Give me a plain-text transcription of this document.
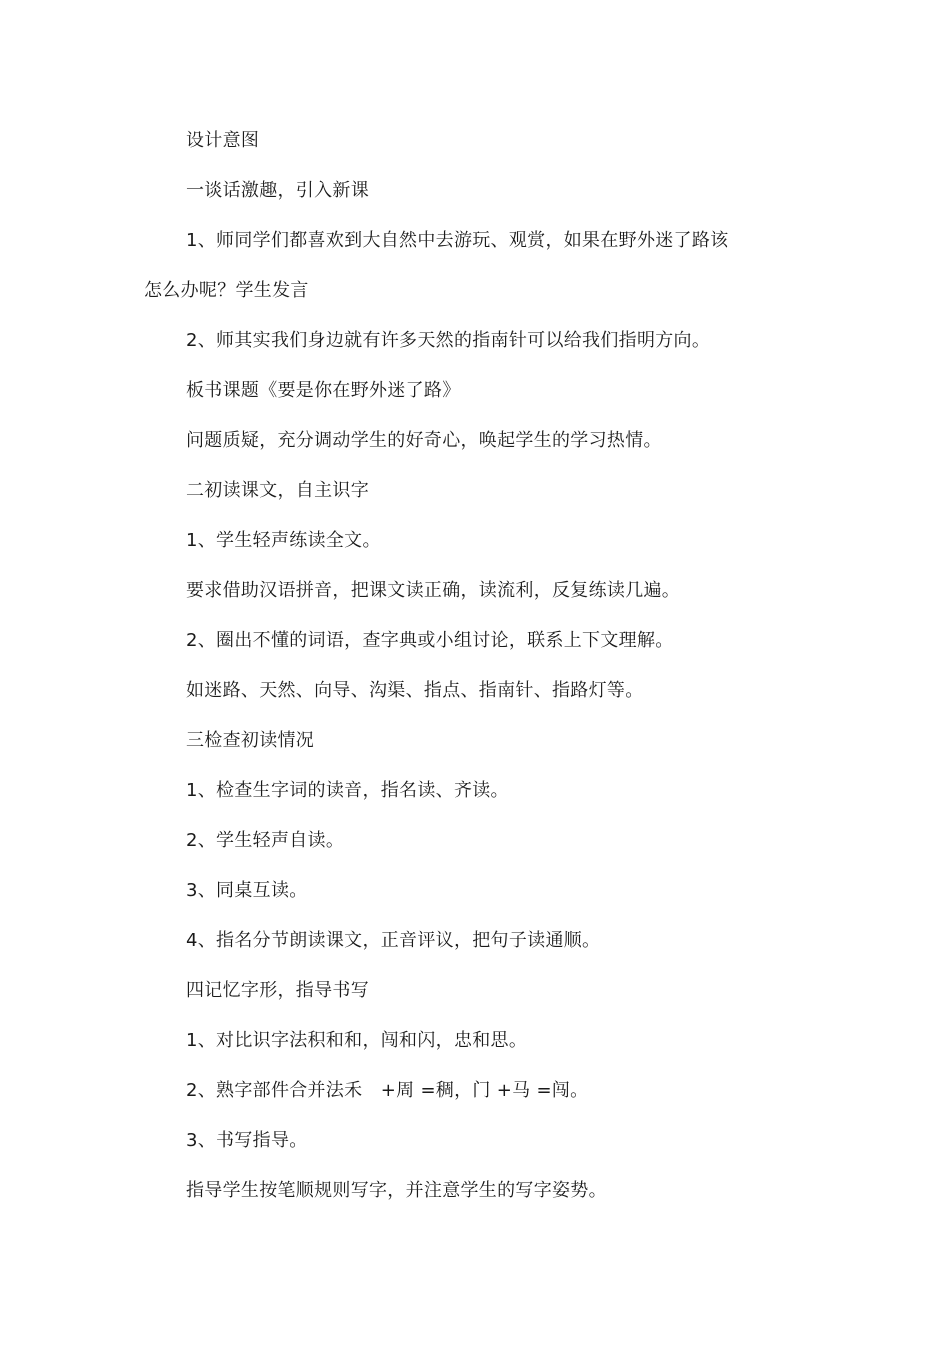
设计意图
一谈话激趣，引入新课
1、师同学们都喜欢到大自然中去游玩、观赏，如果在野外迷了路该
怎么办呢？学生发言
2、师其实我们身边就有许多天然的指南针可以给我们指明方向。
板书课题《要是你在野外迷了路》
问题质疑，充分调动学生的好奇心，唤起学生的学习热情。
二初读课文，自主识字
1、学生轻声练读全文。
要求借助汉语拼音，把课文读正确，读流利，反复练读几遍。
2、圈出不懂的词语，查字典或小组讨论，联系上下文理解。
如迷路、天然、向导、沟渠、指点、指南针、指路灯等。
三检查初读情况
1、检查生字词的读音，指名读、齐读。
2、学生轻声自读。
3、同桌互读。
4、指名分节朗读课文，正音评议，把句子读通顺。
四记忆字形，指导书写
1、对比识字法积和和，闯和闪，忠和思。
2、熟字部件合并法禾　+周 =稠，门 +马 =闯。
3、书写指导。
指导学生按笔顺规则写字，并注意学生的写字姿势。
